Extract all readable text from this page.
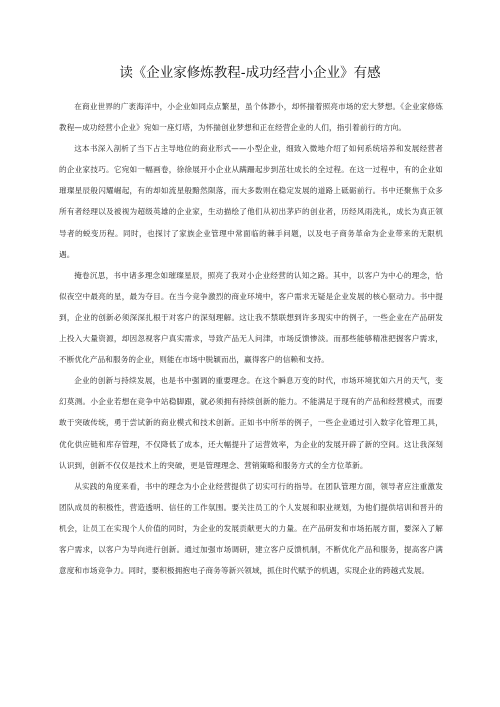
读《企业家修炼教程-成功经营小企业》有感

在商业世界的广袤海洋中，小企业如同点点繁星，虽个体渺小，却怀揣着照亮市场的宏大梦想。《企业家修炼教程—成功经营小企业》宛如一座灯塔，为怀揣创业梦想和正在经营企业的人们，指引着前行的方向。

这本书深入剖析了当下占主导地位的商业形式——小型企业，细致入微地介绍了如何系统培养和发展经营者的企业家技巧。它宛如一幅画卷，徐徐展开小企业从蹒跚起步到茁壮成长的全过程。在这一过程中，有的企业如璀璨星辰般闪耀崛起，有的却如流星般黯然陨落，而大多数则在稳定发展的道路上砥砺前行。书中还聚焦于众多所有者经理以及被视为超级英雄的企业家，生动描绘了他们从初出茅庐的创业者，历经风雨洗礼，成长为真正领导者的蜕变历程。同时，也探讨了家族企业管理中常面临的棘手问题，以及电子商务革命为企业带来的无限机遇。

掩卷沉思，书中诸多理念如璀璨星辰，照亮了我对小企业经营的认知之路。其中，以客户为中心的理念，恰似夜空中最亮的星，最为夺目。在当今竞争激烈的商业环境中，客户需求无疑是企业发展的核心驱动力。书中提到，企业的创新必须深深扎根于对客户的深刻理解。这让我不禁联想到许多现实中的例子，一些企业在产品研发上投入大量资源，却因忽视客户真实需求，导致产品无人问津，市场反馈惨淡。而那些能够精准把握客户需求，不断优化产品和服务的企业，则能在市场中脱颖而出，赢得客户的信赖和支持。

企业的创新与持续发展，也是书中强调的重要理念。在这个瞬息万变的时代，市场环境犹如六月的天气，变幻莫测。小企业若想在竞争中站稳脚跟，就必须拥有持续创新的能力。不能满足于现有的产品和经营模式，而要敢于突破传统，勇于尝试新的商业模式和技术创新。正如书中所举的例子，一些企业通过引入数字化管理工具，优化供应链和库存管理，不仅降低了成本，还大幅提升了运营效率，为企业的发展开辟了新的空间。这让我深刻认识到，创新不仅仅是技术上的突破，更是管理理念、营销策略和服务方式的全方位革新。

从实践的角度来看，书中的理念为小企业经营提供了切实可行的指导。在团队管理方面，领导者应注重激发团队成员的积极性，营造透明、信任的工作氛围。要关注员工的个人发展和职业规划，为他们提供培训和晋升的机会，让员工在实现个人价值的同时，为企业的发展贡献更大的力量。在产品研发和市场拓展方面，要深入了解客户需求，以客户为导向进行创新。通过加强市场调研，建立客户反馈机制，不断优化产品和服务，提高客户满意度和市场竞争力。同时，要积极拥抱电子商务等新兴领域，抓住时代赋予的机遇，实现企业的跨越式发展。
